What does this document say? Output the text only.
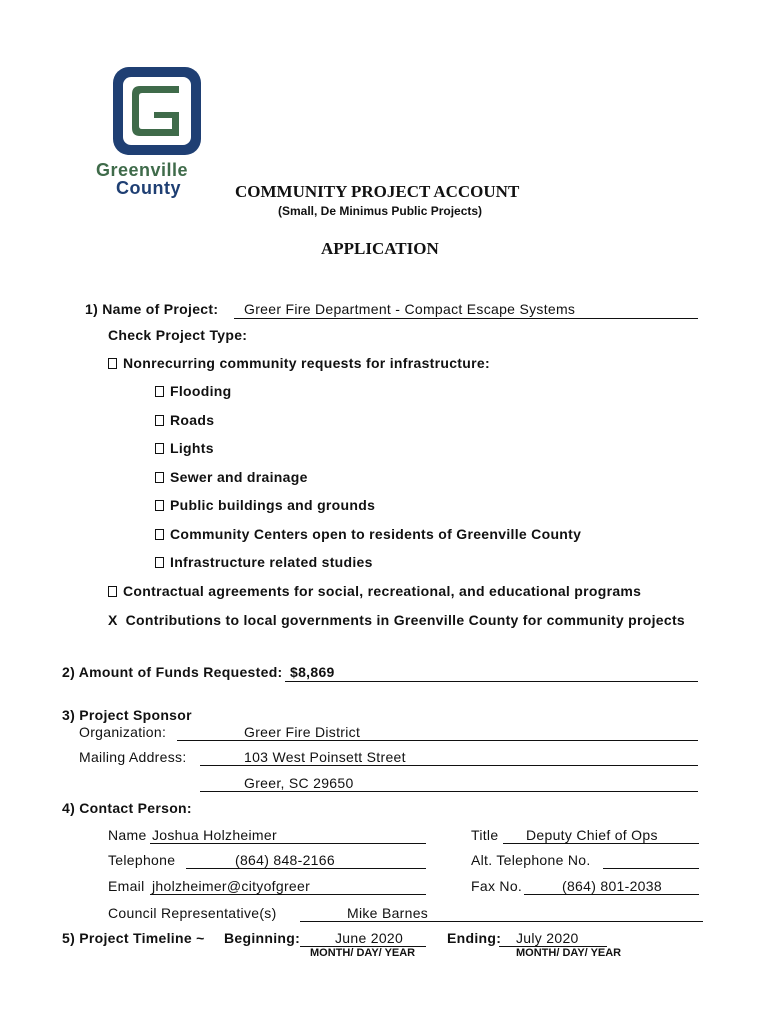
Greenville
County	COMMUNITY PROJECT ACCOUNT
(Small, De Minimus Public Projects)
APPLICATION
1) Name of Project: Greer Fire Department - Compact Escape Systems
Check Project Type:
Nonrecurring community requests for infrastructure:
Flooding
Roads
Lights
Sewer and drainage
Public buildings and grounds
Community Centers open to residents of Greenville County
Infrastructure related studies
Contractual agreements for social, recreational, and educational programs
X Contributions to local governments in Greenville County for community projects
2) Amount of Funds Requested: $8,869
3) Project Sponsor
Organization:	Greer Fire District
Mailing Address:	103 West Poinsett Street
Greer, SC 29650
4) Contact Person:
Name Joshua Holzheimer	Title Deputy Chief of Ops
Telephone	(864) 848-2166	Alt. Telephone No.
Email jholzheimer@cityofgreer	Fax No.	(864) 801-2038
Council Representative(s)	Mike Barnes
5) Project Timeline ~ Beginning: June 2020
MONTH/ DAY/ YEAR
Ending: July 2020
MONTH/ DAY/ YEAR
